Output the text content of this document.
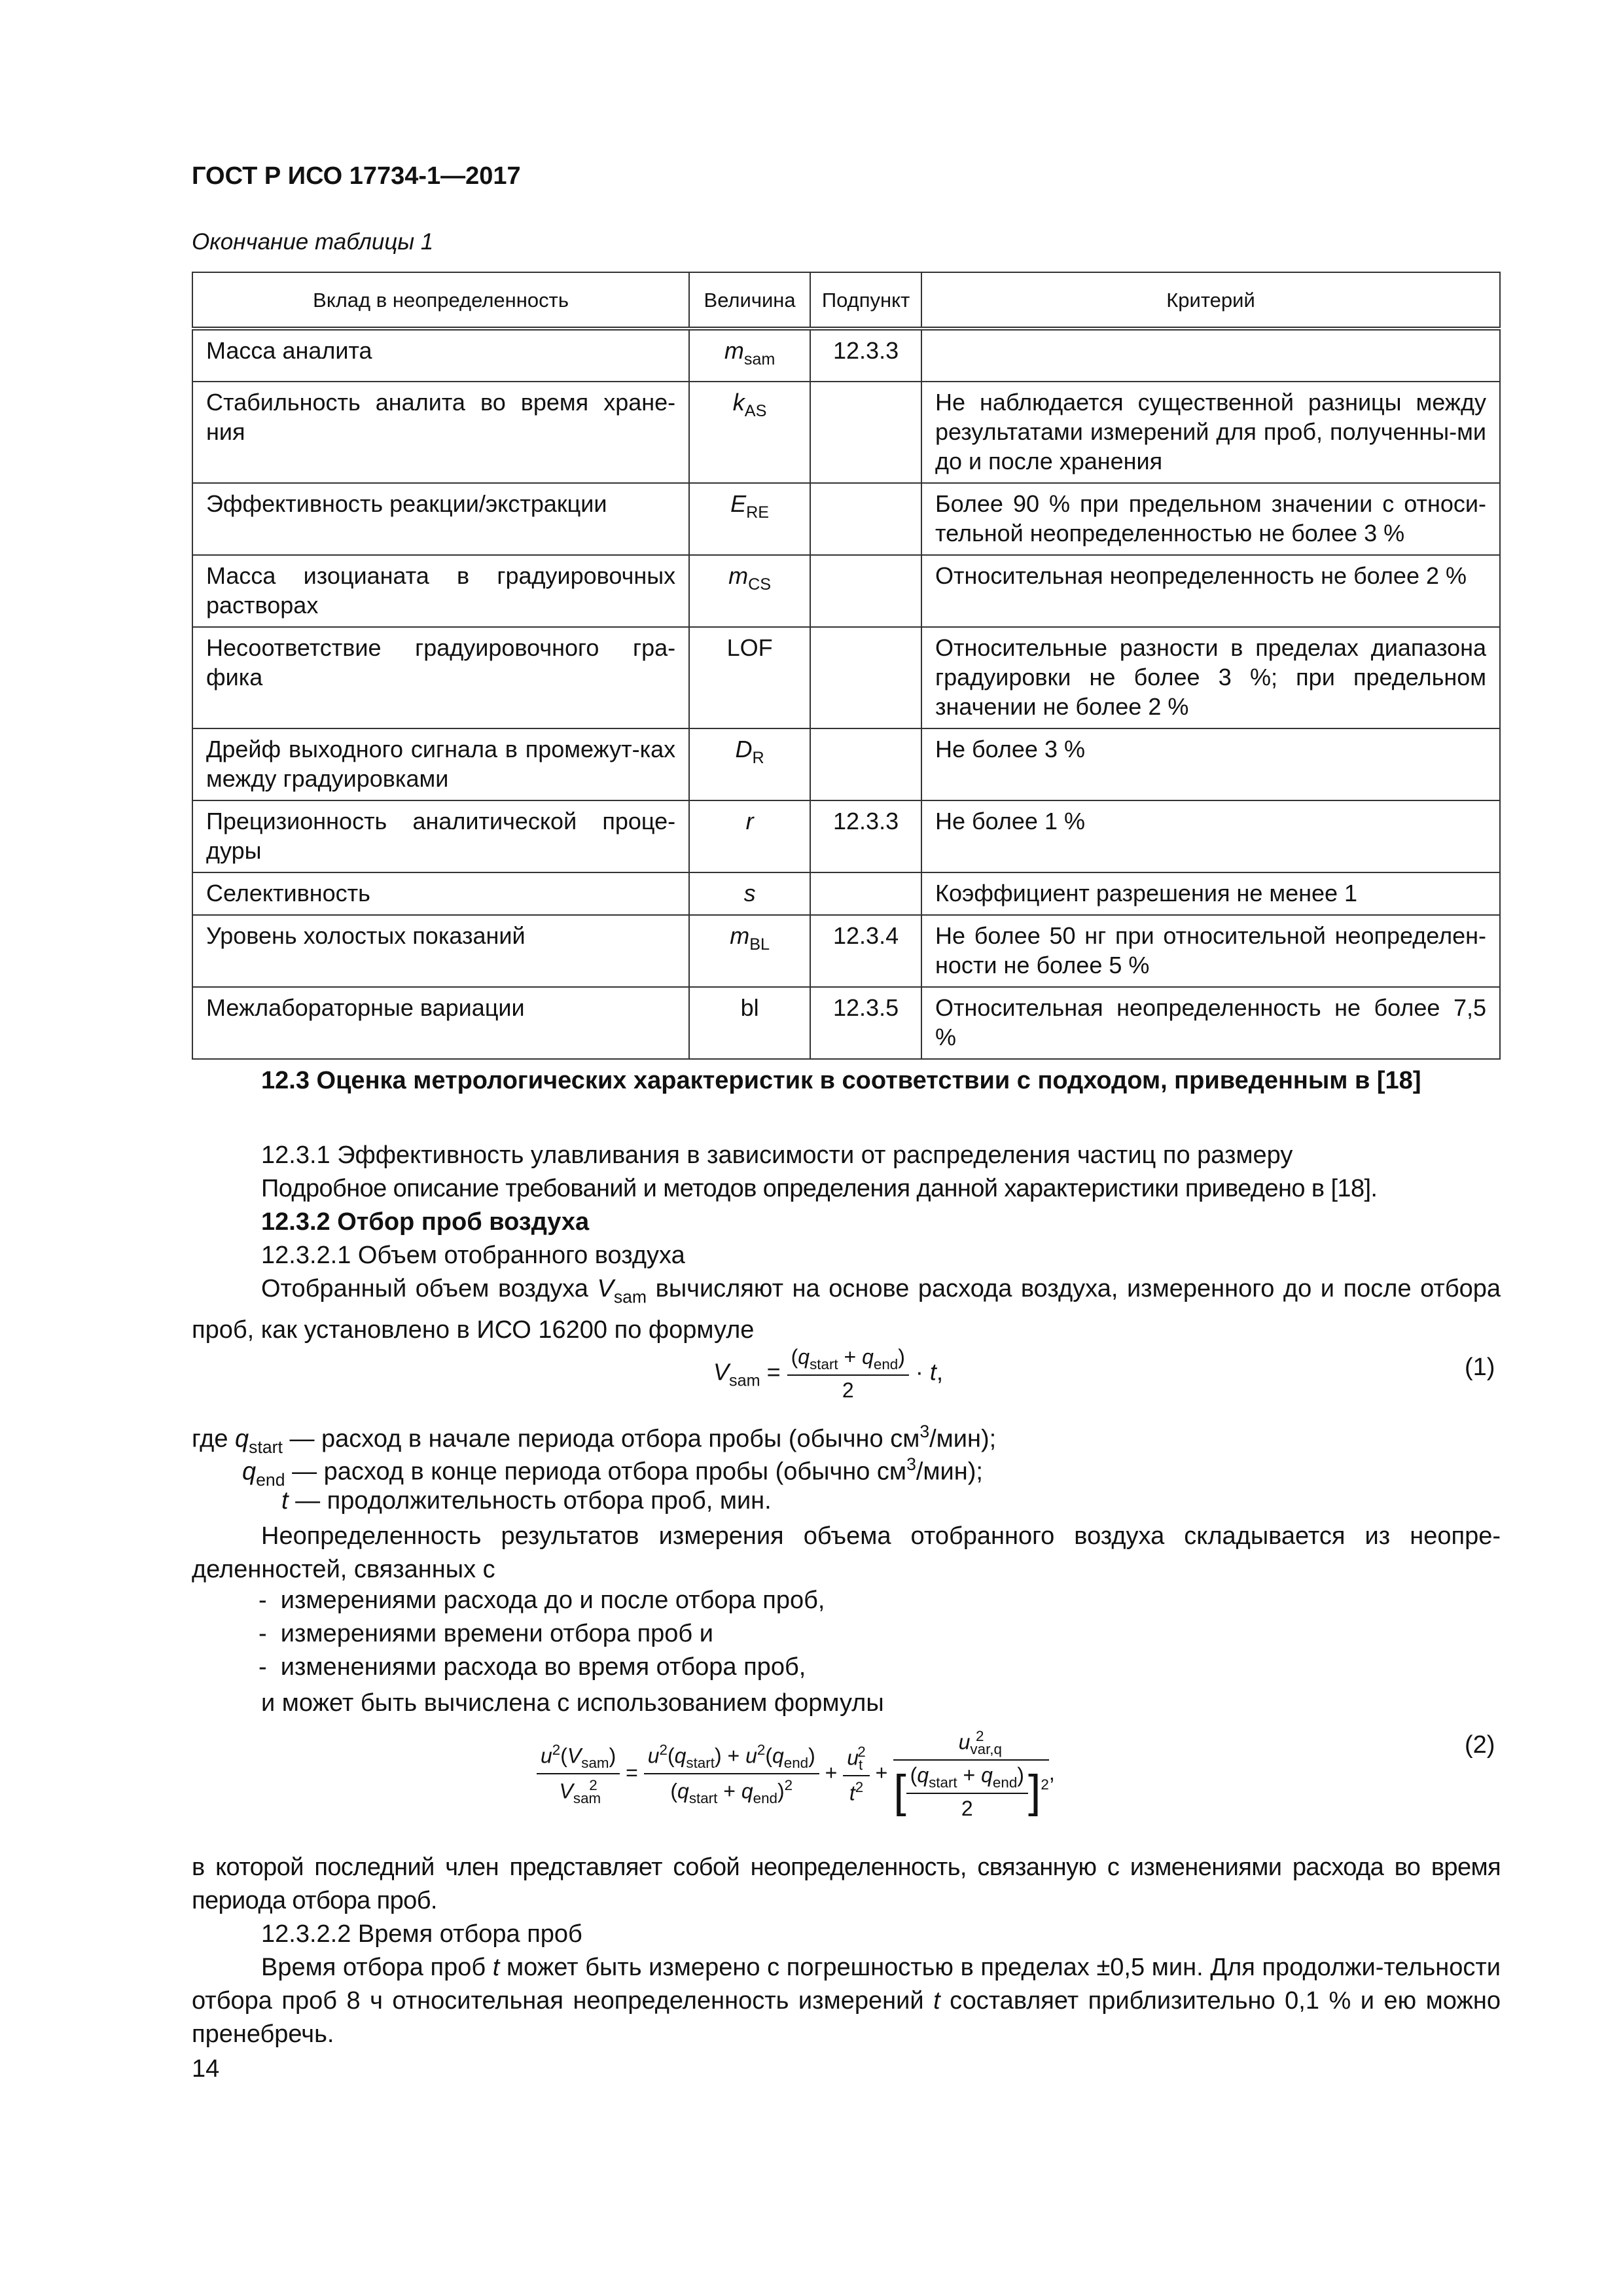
ГОСТ Р ИСО 17734-1—2017
Окончание таблицы 1
Вклад в неопределенность	Величина	Подпункт	Критерий
Масса аналита	$m_{sam}$	12.3.3	
Стабильность аналита во время хране-ния	$k_{AS}$		Не наблюдается существенной разницы между результатами измерений для проб, полученны-ми до и после хранения
Эффективность реакции/экстракции	$E_{RE}$		Более 90 % при предельном значении с относи-тельной неопределенностью не более 3 %
Масса изоцианата в градуировочных растворах	$m_{CS}$		Относительная неопределенность не более 2 %
Несоответствие градуировочного гра-фика	LOF		Относительные разности в пределах диапазона градуировки не более 3 %; при предельном значении не более 2 %
Дрейф выходного сигнала в промежут-ках между градуировками	$D_R$		Не более 3 %
Прецизионность аналитической проце-дуры	r	12.3.3	Не более 1 %
Селективность	s		Коэффициент разрешения не менее 1
Уровень холостых показаний	$m_{BL}$	12.3.4	Не более 50 нг при относительной неопределен-ности не более 5 %
Межлабораторные вариации	bl	12.3.5	Относительная неопределенность не более 7,5 %
12.3 Оценка метрологических характеристик в соответствии с подходом, приведенным в [18]
12.3.1 Эффективность улавливания в зависимости от распределения частиц по размеру
Подробное описание требований и методов определения данной характеристики приведено в [18].
12.3.2 Отбор проб воздуха
12.3.2.1 Объем отобранного воздуха
Отобранный объем воздуха $V_{sam}$ вычисляют на основе расхода воздуха, измеренного до и после отбора проб, как установлено в ИСО 16200 по формуле
$V_{sam} = \frac{(q_{start} + q_{end})}{2} \cdot t$,	(1)
где $q_{start}$ — расход в начале периода отбора пробы (обычно $см^3/мин$);
$q_{end}$ — расход в конце периода отбора пробы (обычно $см^3/мин$);
t — продолжительность отбора проб, мин.
Неопределенность результатов измерения объема отобранного воздуха складывается из неопре-деленностей, связанных с
-  измерениями расхода до и после отбора проб,
-  измерениями времени отбора проб и
-  изменениями расхода во время отбора проб,
и может быть вычислена с использованием формулы
$\frac{u^2(V_{sam})}{V_{sam}^2} = \frac{u^2(q_{start}) + u^2(q_{end})}{(q_{start} + q_{end})^2} + \frac{u_t^2}{t^2} + \frac{u_{var,q}^2}{[ \frac{(q_{start} + q_{end})}{2} ]^2}$ ,
(2)
в которой последний член представляет собой неопределенность, связанную с изменениями расхода во время периода отбора проб.
12.3.2.2 Время отбора проб
Время отбора проб t может быть измерено с погрешностью в пределах ±0,5 мин. Для продолжи-тельности отбора проб 8 ч относительная неопределенность измерений t составляет приблизительно 0,1 % и ею можно пренебречь.
14
